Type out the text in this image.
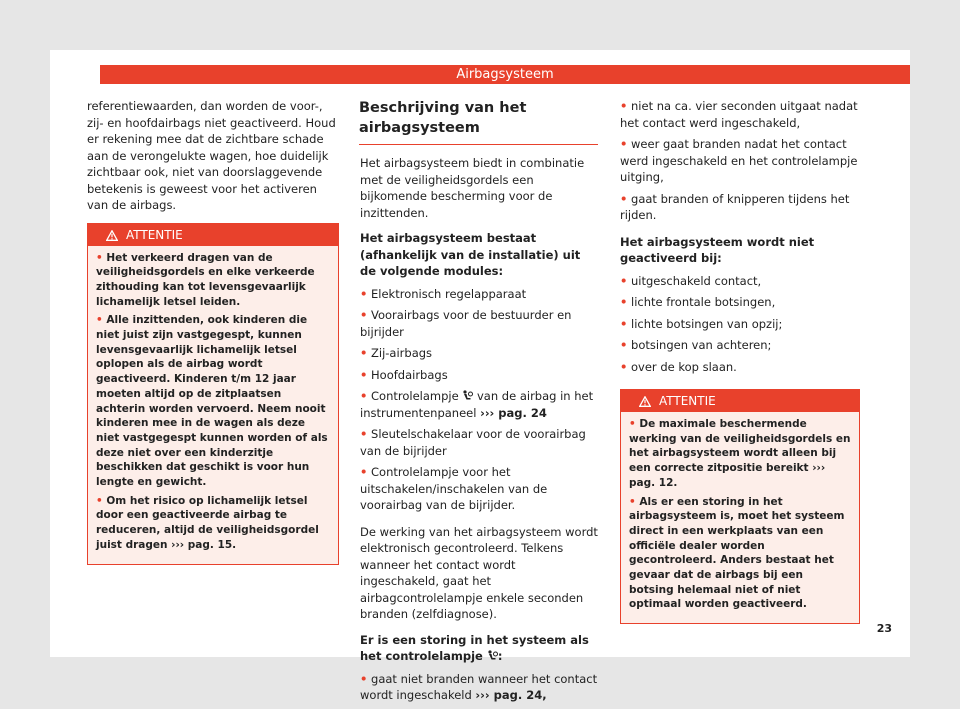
Airbagsysteem

referentiewaarden, dan worden de voor-, zij- en hoofdairbags niet geactiveerd. Houd er rekening mee dat de zichtbare schade aan de verongelukte wagen, hoe duidelijk zichtbaar ook, niet van doorslaggevende betekenis is geweest voor het activeren van de airbags.

ATTENTIE
• Het verkeerd dragen van de veiligheidsgordels en elke verkeerde zithouding kan tot levensgevaarlijk lichamelijk letsel leiden.
• Alle inzittenden, ook kinderen die niet juist zijn vastgegespt, kunnen levensgevaarlijk lichamelijk letsel oplopen als de airbag wordt geactiveerd. Kinderen t/m 12 jaar moeten altijd op de zitplaatsen achterin worden vervoerd. Neem nooit kinderen mee in de wagen als deze niet vastgegespt kunnen worden of als deze niet over een kinderzitje beschikken dat geschikt is voor hun lengte en gewicht.
• Om het risico op lichamelijk letsel door een geactiveerde airbag te reduceren, altijd de veiligheidsgordel juist dragen ››› pag. 15.
Beschrijving van het airbagsysteem

Het airbagsysteem biedt in combinatie met de veiligheidsgordels een bijkomende bescherming voor de inzittenden.

Het airbagsysteem bestaat (afhankelijk van de installatie) uit de volgende modules:
• Elektronisch regelapparaat
• Voorairbags voor de bestuurder en bijrijder
• Zij-airbags
• Hoofdairbags
• Controlelampje van de airbag in het instrumentenpaneel ››› pag. 24
• Sleutelschakelaar voor de voorairbag van de bijrijder
• Controlelampje voor het uitschakelen/inschakelen van de voorairbag van de bijrijder.

De werking van het airbagsysteem wordt elektronisch gecontroleerd. Telkens wanneer het contact wordt ingeschakeld, gaat het airbagcontrolelampje enkele seconden branden (zelfdiagnose).

Er is een storing in het systeem als het controlelampje :
• gaat niet branden wanneer het contact wordt ingeschakeld ››› pag. 24,
• niet na ca. vier seconden uitgaat nadat het contact werd ingeschakeld,
• weer gaat branden nadat het contact werd ingeschakeld en het controlelampje uitging,
• gaat branden of knipperen tijdens het rijden.
Het airbagsysteem wordt niet geactiveerd bij:
• uitgeschakeld contact,
• lichte frontale botsingen,
• lichte botsingen van opzij;
• botsingen van achteren;
• over de kop slaan.
ATTENTIE
• De maximale beschermende werking van de veiligheidsgordels en het airbagsysteem wordt alleen bij een correcte zitpositie bereikt ››› pag. 12.
• Als er een storing in het airbagsysteem is, moet het systeem direct in een werkplaats van een officiële dealer worden gecontroleerd. Anders bestaat het gevaar dat de airbags bij een botsing helemaal niet of niet optimaal worden geactiveerd.
23
